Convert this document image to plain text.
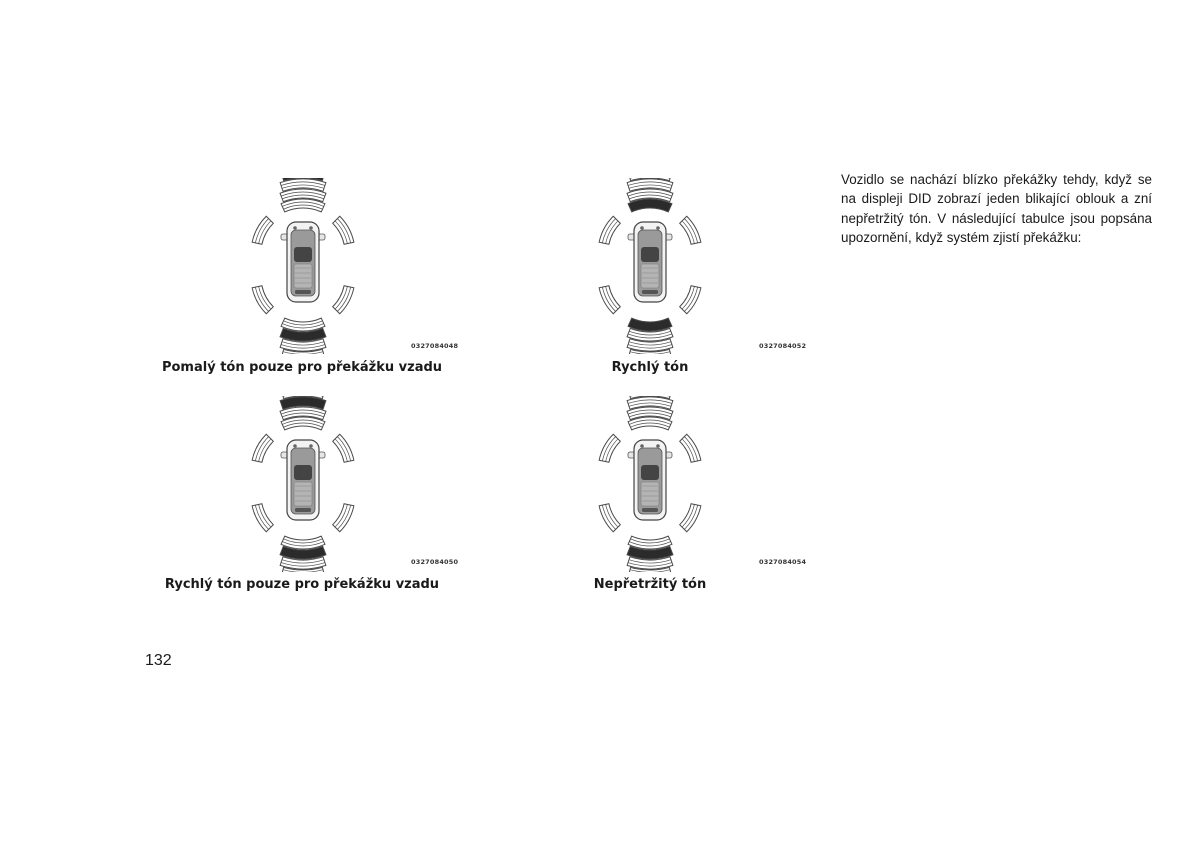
0327084048
Pomalý tón pouze pro překážku vzadu
0327084052
Rychlý tón
0327084050
Rychlý tón pouze pro překážku vzadu
0327084054
Nepřetržitý tón

Vozidlo se nachází blízko překážky tehdy, když se na displeji DID zobrazí jeden blikající oblouk a zní nepřetržitý tón. V následující tabulce jsou popsána upozornění, když systém zjistí překážku:

132
